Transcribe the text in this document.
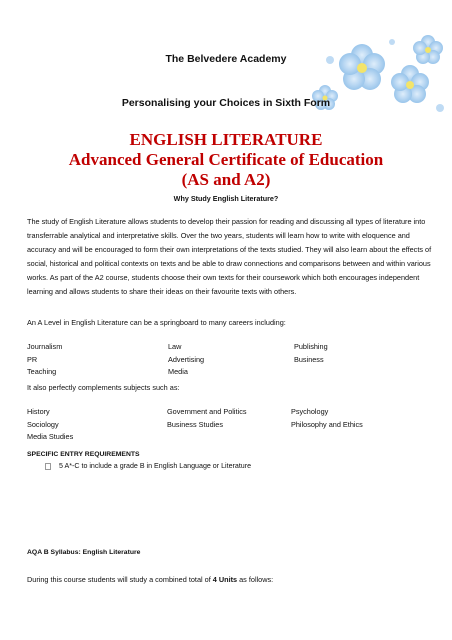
The Belvedere Academy
Personalising your Choices in Sixth Form
ENGLISH LITERATURE
Advanced General Certificate of Education
(AS and A2)
Why Study English Literature?

The study of English Literature allows students to develop their passion for reading and discussing all types of literature into transferrable analytical and interpretative skills. Over the two years, students will learn how to write with eloquence and accuracy and will be encouraged to form their own interpretations of the texts studied. They will also learn about the effects of social, historical and political contexts on texts and be able to draw connections and comparisons between and within various works. As part of the A2 course, students choose their own texts for their coursework which both encourages independent learning and allows students to share their ideas on their favourite texts with others.

An A Level in English Literature can be a springboard to many careers including:
Journalism	Law	Publishing
PR	Advertising	Business
Teaching	Media
It also perfectly complements subjects such as:
History	Government and Politics	Psychology
Sociology	Business Studies	Philosophy and Ethics
Media Studies
SPECIFIC ENTRY REQUIREMENTS
5 A*-C to include a grade B in English Language or Literature
AQA B Syllabus: English Literature
During this course students will study a combined total of 4 Units as follows:
